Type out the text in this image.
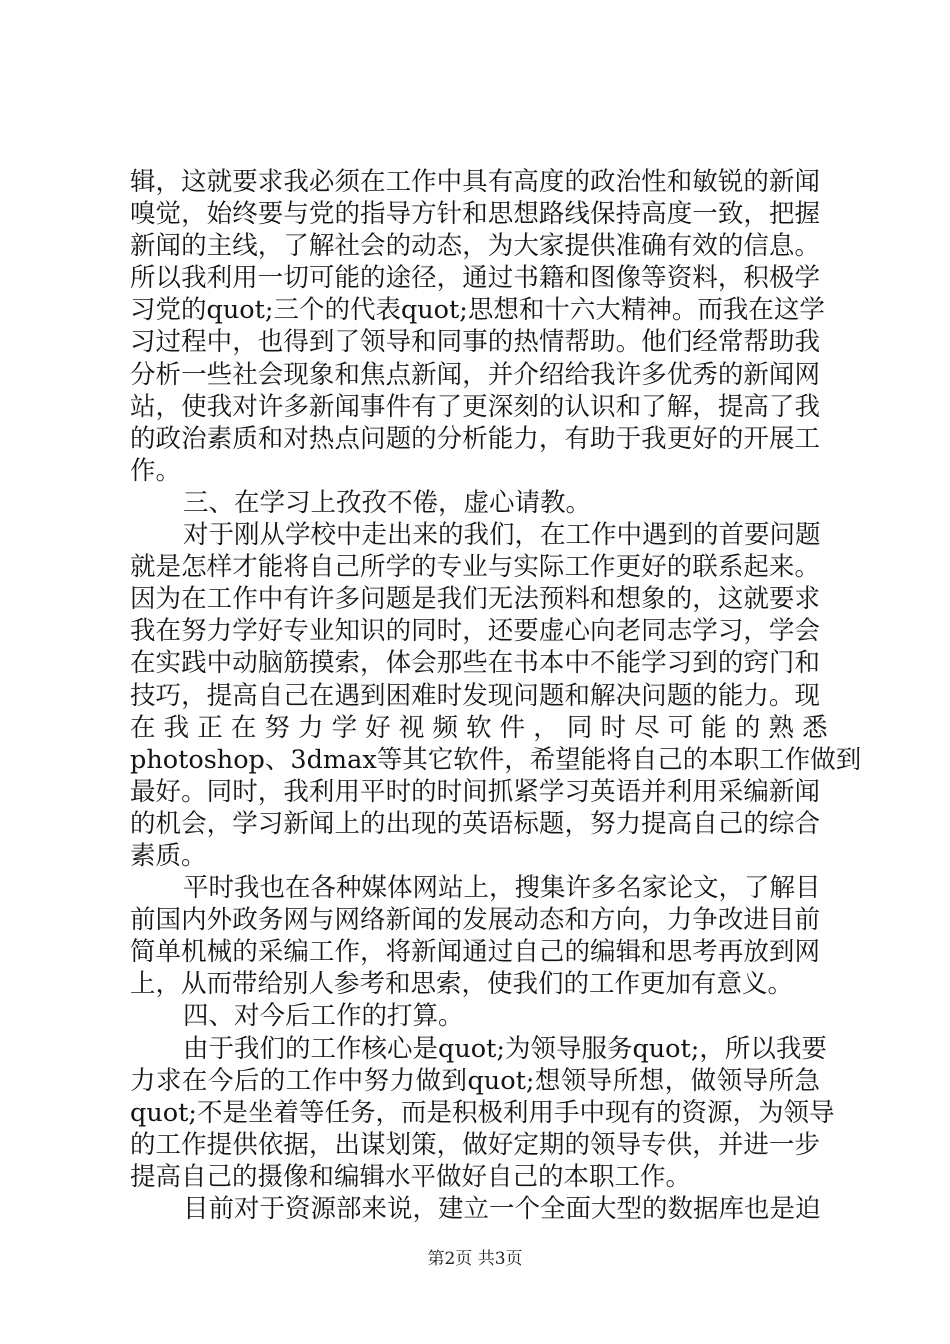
辑，这就要求我必须在工作中具有高度的政治性和敏锐的新闻
嗅觉，始终要与党的指导方针和思想路线保持高度一致，把握
新闻的主线，了解社会的动态，为大家提供准确有效的信息。
所以我利用一切可能的途径，通过书籍和图像等资料，积极学
习党的quot;三个的代表quot;思想和十六大精神。而我在这学
习过程中，也得到了领导和同事的热情帮助。他们经常帮助我
分析一些社会现象和焦点新闻，并介绍给我许多优秀的新闻网
站，使我对许多新闻事件有了更深刻的认识和了解，提高了我
的政治素质和对热点问题的分析能力，有助于我更好的开展工
作。
三、在学习上孜孜不倦，虚心请教。
对于刚从学校中走出来的我们，在工作中遇到的首要问题
就是怎样才能将自己所学的专业与实际工作更好的联系起来。
因为在工作中有许多问题是我们无法预料和想象的，这就要求
我在努力学好专业知识的同时，还要虚心向老同志学习，学会
在实践中动脑筋摸索，体会那些在书本中不能学习到的窍门和
技巧，提高自己在遇到困难时发现问题和解决问题的能力。现
在 我 正 在 努 力 学 好 视 频 软 件 ， 同 时 尽 可 能 的 熟 悉
photoshop、3dmax等其它软件，希望能将自己的本职工作做到
最好。同时，我利用平时的时间抓紧学习英语并利用采编新闻
的机会，学习新闻上的出现的英语标题，努力提高自己的综合
素质。
平时我也在各种媒体网站上，搜集许多名家论文，了解目
前国内外政务网与网络新闻的发展动态和方向，力争改进目前
简单机械的采编工作，将新闻通过自己的编辑和思考再放到网
上，从而带给别人参考和思索，使我们的工作更加有意义。
四、对今后工作的打算。
由于我们的工作核心是quot;为领导服务quot;，所以我要
力求在今后的工作中努力做到quot;想领导所想，做领导所急
quot;不是坐着等任务，而是积极利用手中现有的资源，为领导
的工作提供依据，出谋划策，做好定期的领导专供，并进一步
提高自己的摄像和编辑水平做好自己的本职工作。
目前对于资源部来说，建立一个全面大型的数据库也是迫
第2页 共3页
